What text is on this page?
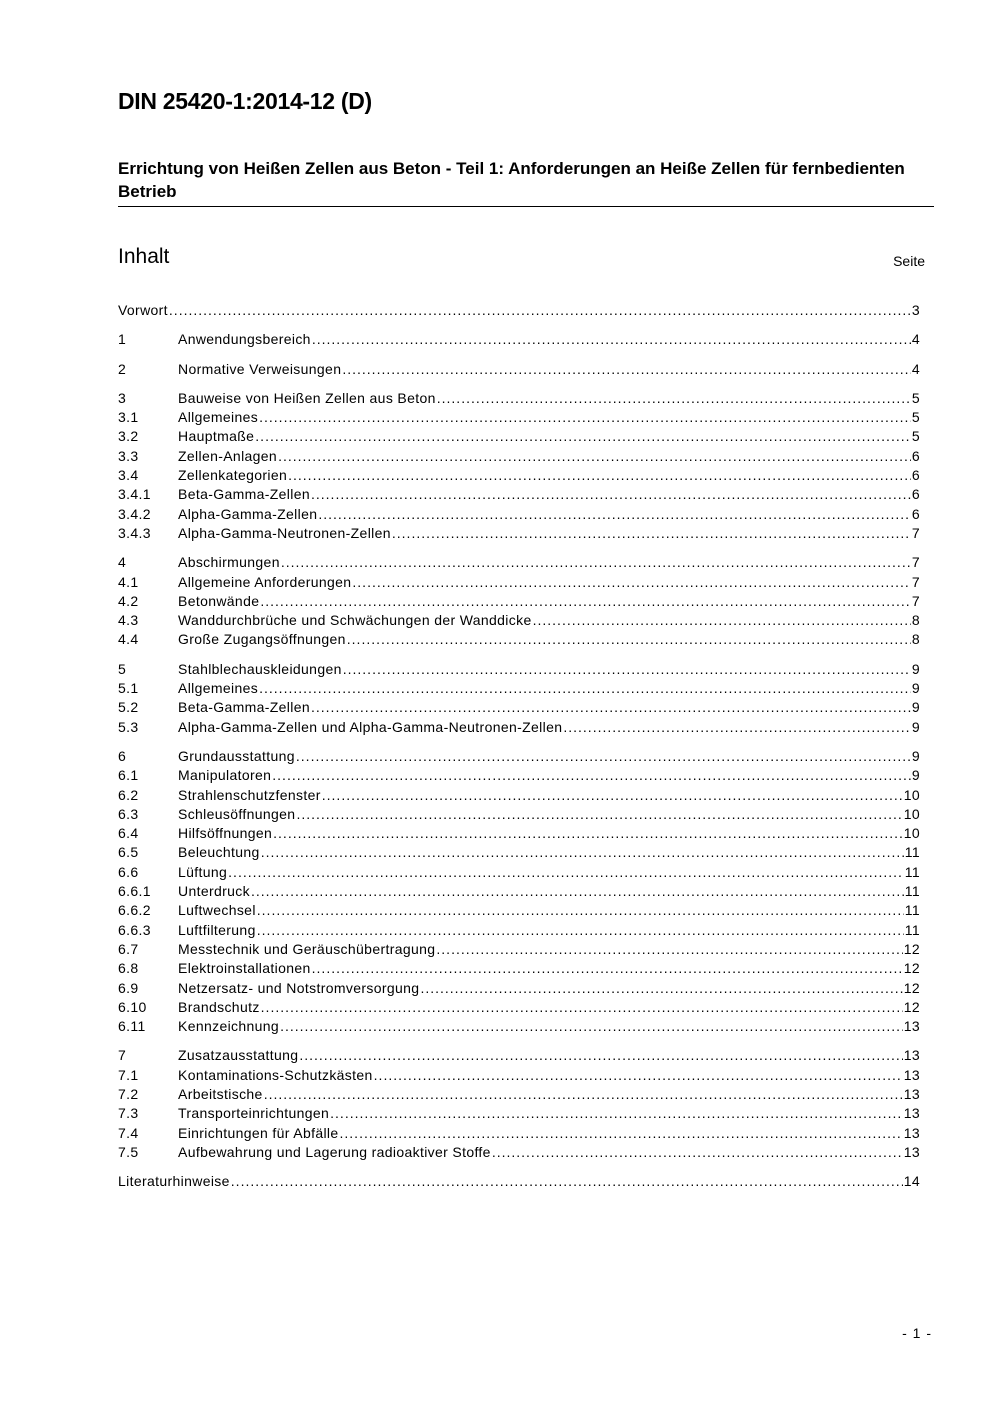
DIN 25420-1:2014-12 (D)
Errichtung von Heißen Zellen aus Beton - Teil 1: Anforderungen an Heiße Zellen für fernbedienten Betrieb
Inhalt	Seite
Vorwort .....	3
1	Anwendungsbereich .....	4
2	Normative Verweisungen .....	4
3	Bauweise von Heißen Zellen aus Beton .....	5
3.1	Allgemeines .....	5
3.2	Hauptmaße .....	5
3.3	Zellen-Anlagen .....	6
3.4	Zellenkategorien .....	6
3.4.1	Beta-Gamma-Zellen .....	6
3.4.2	Alpha-Gamma-Zellen .....	6
3.4.3	Alpha-Gamma-Neutronen-Zellen .....	7
4	Abschirmungen .....	7
4.1	Allgemeine Anforderungen .....	7
4.2	Betonwände .....	7
4.3	Wanddurchbrüche und Schwächungen der Wanddicke .....	8
4.4	Große Zugangsöffnungen .....	8
5	Stahlblechauskleidungen .....	9
5.1	Allgemeines .....	9
5.2	Beta-Gamma-Zellen .....	9
5.3	Alpha-Gamma-Zellen und Alpha-Gamma-Neutronen-Zellen .....	9
6	Grundausstattung .....	9
6.1	Manipulatoren .....	9
6.2	Strahlenschutzfenster .....	10
6.3	Schleusöffnungen .....	10
6.4	Hilfsöffnungen .....	10
6.5	Beleuchtung .....	11
6.6	Lüftung .....	11
6.6.1	Unterdruck .....	11
6.6.2	Luftwechsel .....	11
6.6.3	Luftfilterung .....	11
6.7	Messtechnik und Geräuschübertragung .....	12
6.8	Elektroinstallationen .....	12
6.9	Netzersatz- und Notstromversorgung .....	12
6.10	Brandschutz .....	12
6.11	Kennzeichnung .....	13
7	Zusatzausstattung .....	13
7.1	Kontaminations-Schutzkästen .....	13
7.2	Arbeitstische .....	13
7.3	Transporteinrichtungen .....	13
7.4	Einrichtungen für Abfälle .....	13
7.5	Aufbewahrung und Lagerung radioaktiver Stoffe .....	13
Literaturhinweise .....	14
- 1 -
